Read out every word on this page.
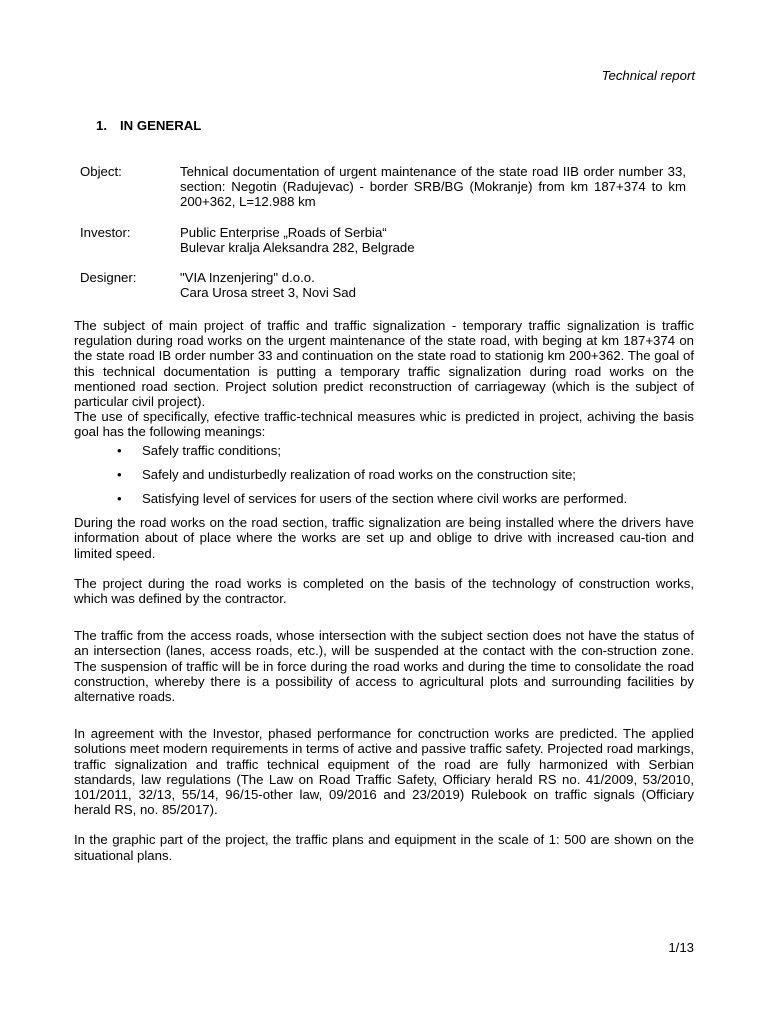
Technical report
1. IN GENERAL
Object:	Tehnical documentation of urgent maintenance of the state road IIB order number 33, section: Negotin (Radujevac) - border SRB/BG (Mokranje) from km 187+374 to km 200+362, L=12.988 km
Investor:	Public Enterprise „Roads of Serbia“
Bulevar kralja Aleksandra 282, Belgrade
Designer:	"VIA Inzenjering" d.o.o.
Cara Urosa street 3, Novi Sad

The subject of main project of traffic and traffic signalization - temporary traffic signalization is traffic regulation during road works on the urgent maintenance of the state road, with beging at km 187+374 on the state road IB order number 33 and continuation on the state road to stationig km 200+362. The goal of this technical documentation is putting a temporary traffic signalization during road works on the mentioned road section. Project solution predict reconstruction of carriageway (which is the subject of particular civil project).

The use of specifically, efective traffic-technical measures whic is predicted in project, achiving the basis goal has the following meanings:

• Safely traffic conditions;
• Safely and undisturbedly realization of road works on the construction site;
• Satisfying level of services for users of the section where civil works are performed.

During the road works on the road section, traffic signalization are being installed where the drivers have information about of place where the works are set up and oblige to drive with increased cau-tion and limited speed.

The project during the road works is completed on the basis of the technology of construction works, which was defined by the contractor.

The traffic from the access roads, whose intersection with the subject section does not have the status of an intersection (lanes, access roads, etc.), will be suspended at the contact with the con-struction zone. The suspension of traffic will be in force during the road works and during the time to consolidate the road construction, whereby there is a possibility of access to agricultural plots and surrounding facilities by alternative roads.

In agreement with the Investor, phased performance for conctruction works are predicted. The applied solutions meet modern requirements in terms of active and passive traffic safety. Projected road markings, traffic signalization and traffic technical equipment of the road are fully harmonized with Serbian standards, law regulations (The Law on Road Traffic Safety, Officiary herald RS no. 41/2009, 53/2010, 101/2011, 32/13, 55/14, 96/15-other law, 09/2016 and 23/2019) Rulebook on traffic signals (Officiary herald RS, no. 85/2017).

In the graphic part of the project, the traffic plans and equipment in the scale of 1: 500 are shown on the situational plans.

1/13
